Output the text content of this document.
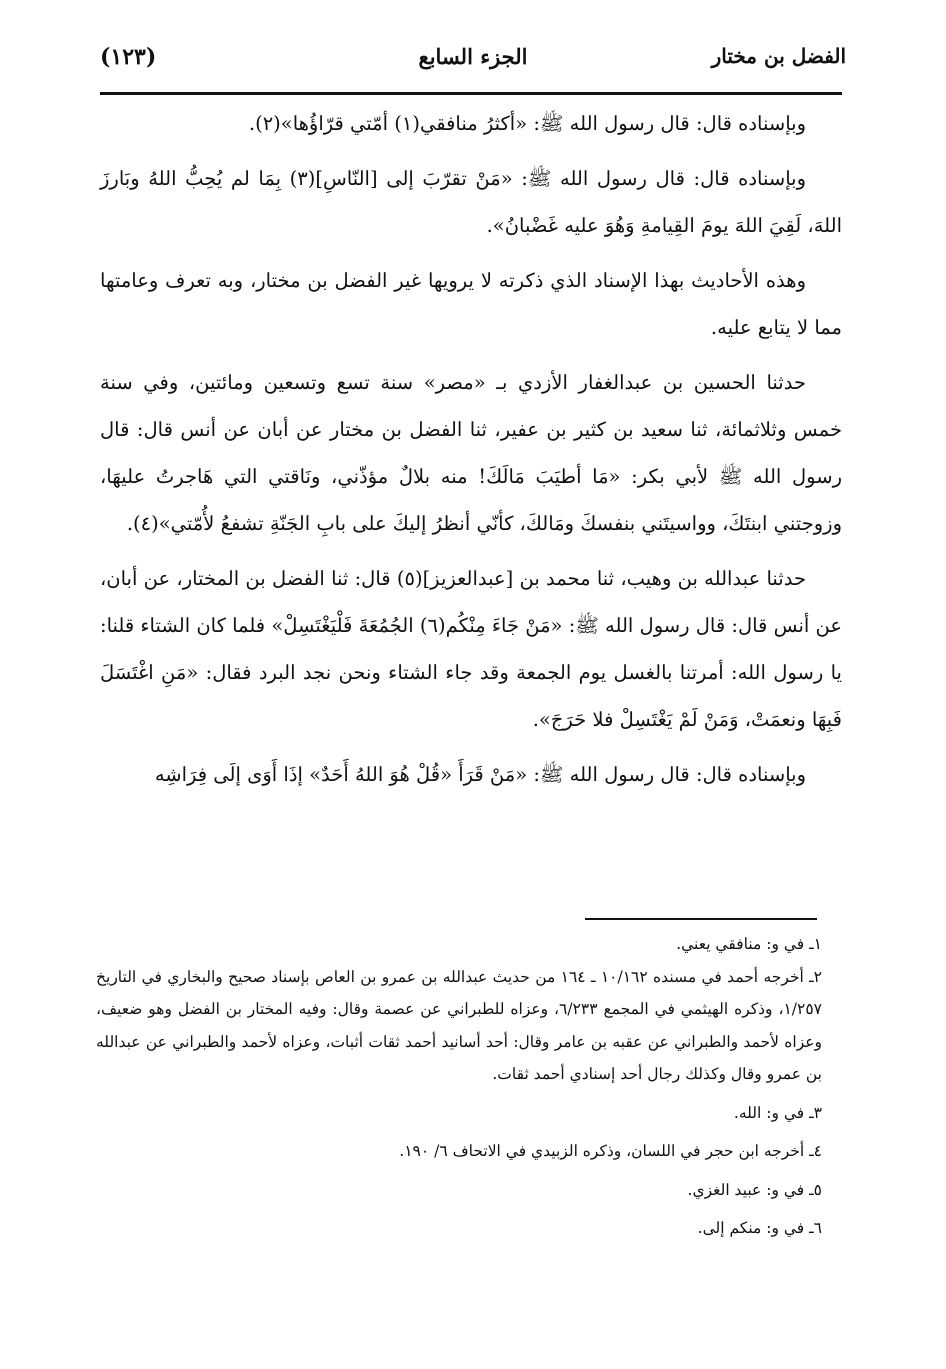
الفضل بن مختار
الجزء السابع
(١٢٣)

وبإسناده قال: قال رسول الله ﷺ: «أكثرُ منافقي(١) أمّتي قرّاؤُها»(٢).

وبإسناده قال: قال رسول الله ﷺ: «مَنْ تقرّبَ إلى [النّاسِ](٣) بِمَا لم يُحِبُّ اللهُ وبَارزَ اللهَ، لَقِيَ اللهَ يومَ القِيامةِ وَهُوَ عليه غَضْبانُ».

وهذه الأحاديث بهذا الإسناد الذي ذكرته لا يرويها غير الفضل بن مختار، وبه تعرف وعامتها مما لا يتابع عليه.

حدثنا الحسين بن عبدالغفار الأزدي بـ «مصر» سنة تسع وتسعين ومائتين، وفي سنة خمس وثلاثمائة، ثنا سعيد بن كثير بن عفير، ثنا الفضل بن مختار عن أبان عن أنس قال: قال رسول الله ﷺ لأبي بكر: «مَا أطيَبَ مَالَكَ! منه بلالٌ مؤذّني، ونَاقتي التي هَاجرتُ عليهَا، وزوجتني ابنتَكَ، وواسيتَني بنفسكَ ومَالكَ، كأنّي أنظرُ إليكَ على بابِ الجَنّةِ تشفعُ لأُمّتي»(٤).

حدثنا عبدالله بن وهيب، ثنا محمد بن [عبدالعزيز](٥) قال: ثنا الفضل بن المختار، عن أبان، عن أنس قال: قال رسول الله ﷺ: «مَنْ جَاءَ مِنْكُم(٦) الجُمُعَةَ فَلْيَغْتَسِلْ» فلما كان الشتاء قلنا: يا رسول الله: أمرتنا بالغسل يوم الجمعة وقد جاء الشتاء ونحن نجد البرد فقال: «مَنِ اغْتَسَلَ فَبِهَا ونعمَتْ، وَمَنْ لَمْ يَغْتَسِلْ فلا حَرَجَ».

وبإسناده قال: قال رسول الله ﷺ: «مَنْ قَرَأَ «قُلْ هُوَ اللهُ أَحَدٌ» إذَا أَوَى إلَى فِرَاشِه

١ـ في و: منافقي يعني.

٢ـ أخرجه أحمد في مسنده ١٠/١٦٢ ـ ١٦٤ من حديث عبدالله بن عمرو بن العاص بإسناد صحيح والبخاري في التاريخ ١/٢٥٧، وذكره الهيثمي في المجمع ٦/٢٣٣، وعزاه للطبراني عن عصمة وقال: وفيه المختار بن الفضل وهو ضعيف، وعزاه لأحمد والطبراني عن عقبه بن عامر وقال: أحد أسانيد أحمد ثقات أثبات، وعزاه لأحمد والطبراني عن عبدالله بن عمرو وقال وكذلك رجال أحد إسنادي أحمد ثقات.

٣ـ في و: الله.

٤ـ أخرجه ابن حجر في اللسان، وذكره الزبيدي في الاتحاف ٦/ ١٩٠.

٥ـ في و: عبيد الغزي.

٦ـ في و: منكم إلى.
